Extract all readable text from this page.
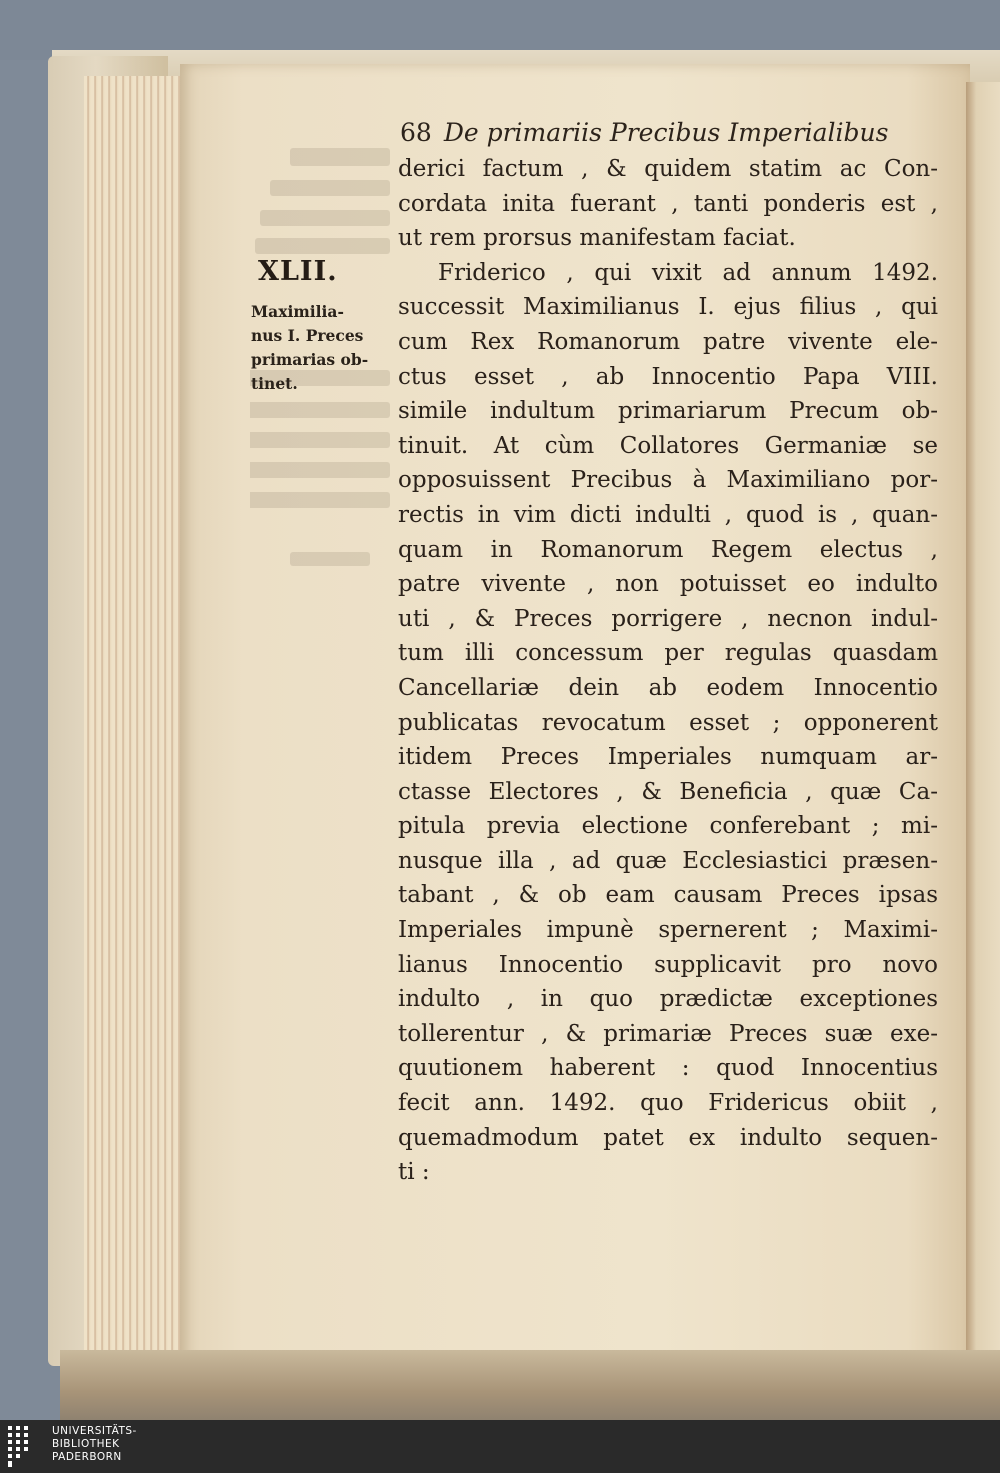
68 De primariis Precibus Imperialibus
XLII.
Maximilia-
nus I. Preces
primarias ob-
tinet.
derici factum , & quidem statim ac Con-
cordata inita fuerant , tanti ponderis est ,
ut rem prorsus manifestam faciat.
Friderico , qui vixit ad annum 1492.
successit Maximilianus I. ejus filius , qui
cum Rex Romanorum patre vivente ele-
ctus esset , ab Innocentio Papa VIII.
simile indultum primariarum Precum ob-
tinuit. At cùm Collatores Germaniæ se
opposuissent Precibus à Maximiliano por-
rectis in vim dicti indulti , quod is , quan-
quam in Romanorum Regem electus ,
patre vivente , non potuisset eo indulto
uti , & Preces porrigere , necnon indul-
tum illi concessum per regulas quasdam
Cancellariæ dein ab eodem Innocentio
publicatas revocatum esset ; opponerent
itidem Preces Imperiales numquam ar-
ctasse Electores , & Beneficia , quæ Ca-
pitula previa electione conferebant ; mi-
nusque illa , ad quæ Ecclesiastici præsen-
tabant , & ob eam causam Preces ipsas
Imperiales impunè spernerent ; Maximi-
lianus Innocentio supplicavit pro novo
indulto , in quo prædictæ exceptiones
tollerentur , & primariæ Preces suæ exe-
quutionem haberent : quod Innocentius
fecit ann. 1492. quo Fridericus obiit ,
quemadmodum patet ex indulto sequen-
ti :
UNIVERSITÄTS-
BIBLIOTHEK
PADERBORN
